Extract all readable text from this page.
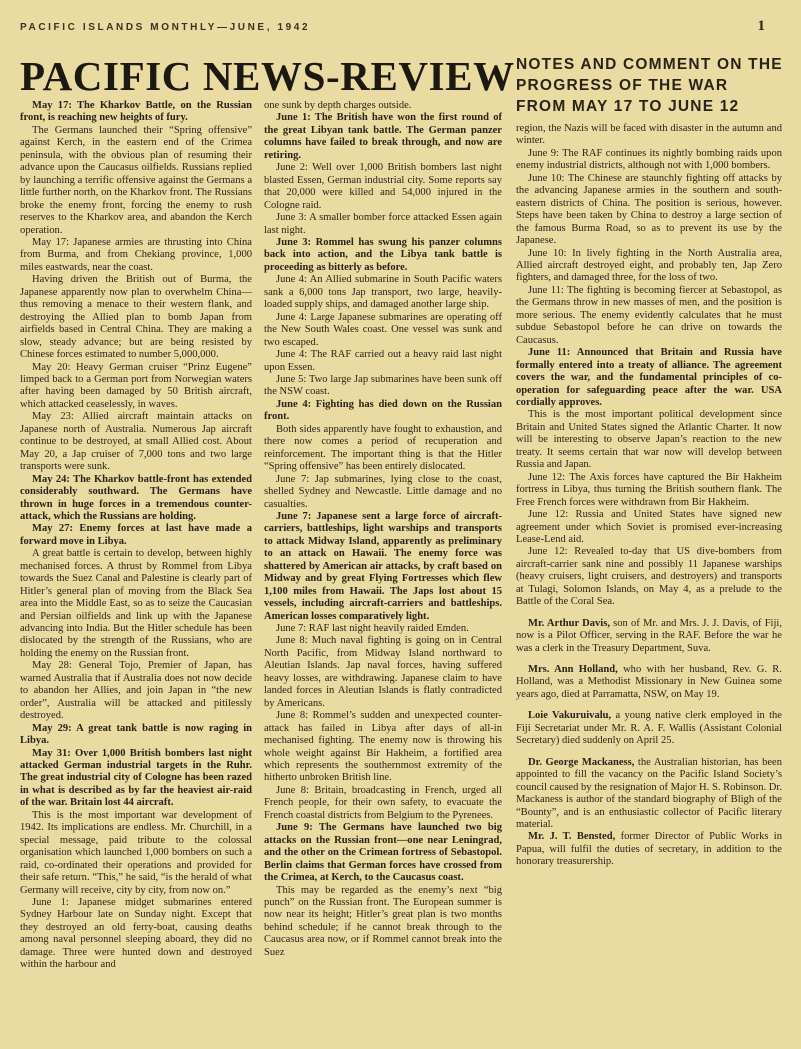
PACIFIC ISLANDS MONTHLY—JUNE, 1942	1
PACIFIC NEWS-REVIEW NOTES AND COMMENT ON THE PROGRESS OF THE WAR FROM MAY 17 TO JUNE 12

May 17: The Kharkov Battle, on the Russian front, is reaching new heights of fury.

The Germans launched their “Spring offensive” against Kerch, in the eastern end of the Crimea peninsula, with the obvious plan of resuming their advance upon the Caucasus oilfields. Russians replied by launching a terrific offensive against the Germans a little further north, on the Kharkov front. The Russians broke the enemy front, forcing the enemy to rush reserves to the Kharkov area, and abandon the Kerch operation.

May 17: Japanese armies are thrusting into China from Burma, and from Chekiang province, 1,000 miles eastwards, near the coast.

Having driven the British out of Burma, the Japanese apparently now plan to overwhelm China—thus removing a menace to their western flank, and destroying the Allied plan to bomb Japan from airfields based in Central China. They are making a slow, steady advance; but are being resisted by Chinese forces estimated to number 5,000,000.

May 20: Heavy German cruiser “Prinz Eugene” limped back to a German port from Norwegian waters after having been damaged by 50 British aircraft, which attacked ceaselessly, in waves.

May 23: Allied aircraft maintain attacks on Japanese north of Australia. Numerous Jap aircraft continue to be destroyed, at small Allied cost. About May 20, a Jap cruiser of 7,000 tons and two large transports were sunk.

May 24: The Kharkov battle-front has extended considerably southward. The Germans have thrown in huge forces in a tremendous counter-attack, which the Russians are holding.

May 27: Enemy forces at last have made a forward move in Libya.

A great battle is certain to develop, between highly mechanised forces. A thrust by Rommel from Libya towards the Suez Canal and Palestine is clearly part of Hitler’s general plan of moving from the Black Sea area into the Middle East, so as to seize the Caucasian and Persian oilfields and link up with the Japanese advancing into India. But the Hitler schedule has been dislocated by the strength of the Russians, who are holding the enemy on the Russian front.

May 28: General Tojo, Premier of Japan, has warned Australia that if Australia does not now decide to abandon her Allies, and join Japan in “the new order”, Australia will be attacked and pitilessly destroyed.

May 29: A great tank battle is now raging in Libya.

May 31: Over 1,000 British bombers last night attacked German industrial targets in the Ruhr. The great industrial city of Cologne has been razed in what is described as by far the heaviest air-raid of the war. Britain lost 44 aircraft.

This is the most important war development of 1942. Its implications are endless. Mr. Churchill, in a special message, paid tribute to the colossal organisation which launched 1,000 bombers on such a raid, co-ordinated their operations and provided for their safe return. “This,” he said, “is the herald of what Germany will receive, city by city, from now on.”

June 1: Japanese midget submarines entered Sydney Harbour late on Sunday night. Except that they destroyed an old ferry-boat, causing deaths among naval personnel sleeping aboard, they did no damage. Three were hunted down and destroyed within the harbour and

one sunk by depth charges outside.

June 1: The British have won the first round of the great Libyan tank battle. The German panzer columns have failed to break through, and now are retiring.

June 2: Well over 1,000 British bombers last night blasted Essen, German industrial city. Some reports say that 20,000 were killed and 54,000 injured in the Cologne raid.

June 3: A smaller bomber force attacked Essen again last night.

June 3: Rommel has swung his panzer columns back into action, and the Libya tank battle is proceeding as bitterly as before.

June 4: An Allied submarine in South Pacific waters sank a 6,000 tons Jap transport, two large, heavily-loaded supply ships, and damaged another large ship.

June 4: Large Japanese submarines are operating off the New South Wales coast. One vessel was sunk and two escaped.

June 4: The RAF carried out a heavy raid last night upon Essen.

June 5: Two large Jap submarines have been sunk off the NSW coast.

June 4: Fighting has died down on the Russian front.

Both sides apparently have fought to exhaustion, and there now comes a period of recuperation and reinforcement. The important thing is that the Hitler “Spring offensive” has been entirely dislocated.

June 7: Jap submarines, lying close to the coast, shelled Sydney and Newcastle. Little damage and no casualties.

June 7: Japanese sent a large force of aircraft-carriers, battleships, light warships and transports to attack Midway Island, apparently as preliminary to an attack on Hawaii. The enemy force was shattered by American air attacks, by craft based on Midway and by great Flying Fortresses which flew 1,100 miles from Hawaii. The Japs lost about 15 vessels, including aircraft-carriers and battleships. American losses comparatively light.

June 7: RAF last night heavily raided Emden.

June 8: Much naval fighting is going on in Central North Pacific, from Midway Island northward to Aleutian Islands. Jap naval forces, having suffered heavy losses, are withdrawing. Japanese claim to have landed forces in Aleutian Islands is flatly contradicted by Americans.

June 8: Rommel’s sudden and unexpected counter-attack has failed in Libya after days of all-in mechanised fighting. The enemy now is throwing his whole weight against Bir Hakheim, a fortified area which represents the southernmost extremity of the hitherto unbroken British line.

June 8: Britain, broadcasting in French, urged all French people, for their own safety, to evacuate the French coastal districts from Belgium to the Pyrenees.

June 9: The Germans have launched two big attacks on the Russian front—one near Leningrad, and the other on the Crimean fortress of Sebastopol. Berlin claims that German forces have crossed from the Crimea, at Kerch, to the Caucasus coast.

This may be regarded as the enemy’s next “big punch” on the Russian front. The European summer is now near its height; Hitler’s great plan is two months behind schedule; if he cannot break through to the Caucasus area now, or if Rommel cannot break into the Suez

region, the Nazis will be faced with disaster in the autumn and winter.

June 9: The RAF continues its nightly bombing raids upon enemy industrial districts, although not with 1,000 bombers.

June 10: The Chinese are staunchly fighting off attacks by the advancing Japanese armies in the southern and south-eastern districts of China. The position is serious, however. Steps have been taken by China to destroy a large section of the famous Burma Road, so as to prevent its use by the Japanese.

June 10: In lively fighting in the North Australia area, Allied aircraft destroyed eight, and probably ten, Jap Zero fighters, and damaged three, for the loss of two.

June 11: The fighting is becoming fiercer at Sebastopol, as the Germans throw in new masses of men, and the position is more serious. The enemy evidently calculates that he must subdue Sebastopol before he can drive on towards the Caucasus.

June 11: Announced that Britain and Russia have formally entered into a treaty of alliance. The agreement covers the war, and the fundamental principles of co-operation for safeguarding peace after the war. USA cordially approves.

This is the most important political development since Britain and United States signed the Atlantic Charter. It now will be interesting to observe Japan’s reaction to the new treaty. It seems certain that war now will develop between Russia and Japan.

June 12: The Axis forces have captured the Bir Hakheim fortress in Libya, thus turning the British southern flank. The Free French forces were withdrawn from Bir Hakheim.

June 12: Russia and United States have signed new agreement under which Soviet is promised ever-increasing Lease-Lend aid.

June 12: Revealed to-day that US dive-bombers from aircraft-carrier sank nine and possibly 11 Japanese warships (heavy cruisers, light cruisers, and destroyers) and transports at Tulagi, Solomon Islands, on May 4, as a prelude to the Battle of the Coral Sea.

Mr. Arthur Davis, son of Mr. and Mrs. J. J. Davis, of Fiji, now is a Pilot Officer, serving in the RAF. Before the war he was a clerk in the Treasury Department, Suva.

Mrs. Ann Holland, who with her husband, Rev. G. R. Holland, was a Methodist Missionary in New Guinea some years ago, died at Parramatta, NSW, on May 19.

Loie Vakuruivalu, a young native clerk employed in the Fiji Secretariat under Mr. R. A. F. Wallis (Assistant Colonial Secretary) died suddenly on April 25.

Dr. George Mackaness, the Australian historian, has been appointed to fill the vacancy on the Pacific Island Society’s council caused by the resignation of Major H. S. Robinson. Dr. Mackaness is author of the standard biography of Bligh of the “Bounty”, and is an enthusiastic collector of Pacific literary material.

Mr. J. T. Bensted, former Director of Public Works in Papua, will fulfil the duties of secretary, in addition to the honorary treasurership.
